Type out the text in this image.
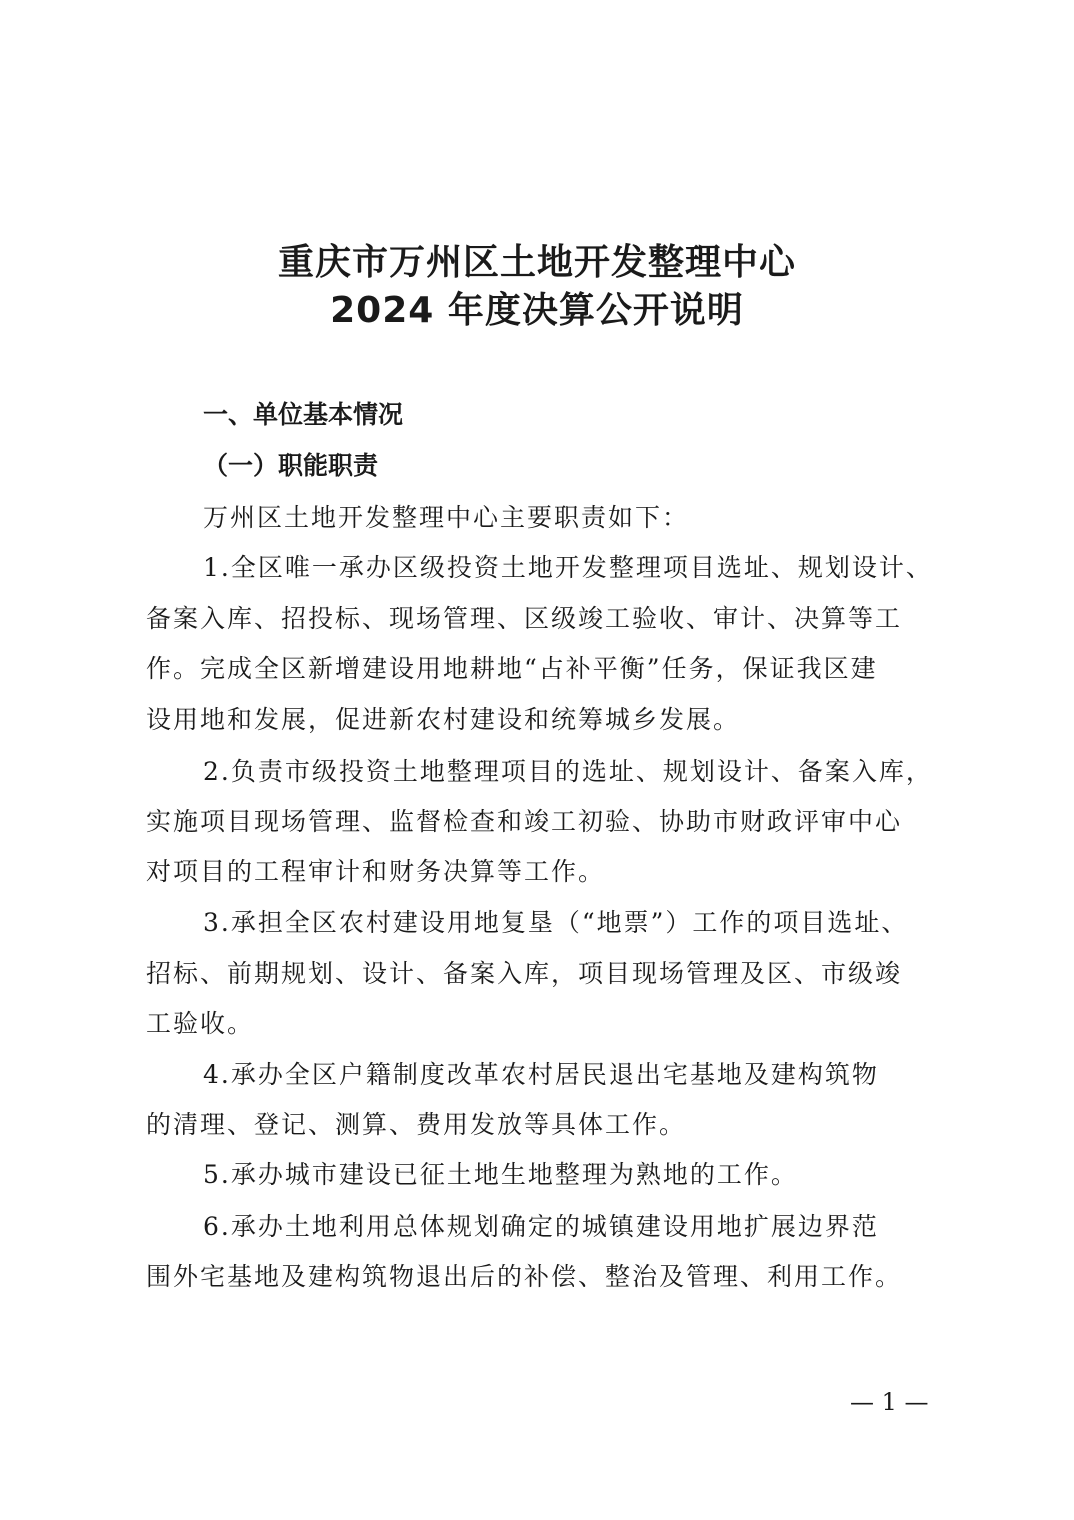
重庆市万州区土地开发整理中心
2024 年度决算公开说明
一、单位基本情况
（一）职能职责
万州区土地开发整理中心主要职责如下：
1.全区唯一承办区级投资土地开发整理项目选址、规划设计、
备案入库、招投标、现场管理、区级竣工验收、审计、决算等工
作。完成全区新增建设用地耕地“占补平衡”任务，保证我区建
设用地和发展，促进新农村建设和统筹城乡发展。
2.负责市级投资土地整理项目的选址、规划设计、备案入库，
实施项目现场管理、监督检查和竣工初验、协助市财政评审中心
对项目的工程审计和财务决算等工作。
3.承担全区农村建设用地复垦（“地票”）工作的项目选址、
招标、前期规划、设计、备案入库，项目现场管理及区、市级竣
工验收。
4.承办全区户籍制度改革农村居民退出宅基地及建构筑物
的清理、登记、测算、费用发放等具体工作。
5.承办城市建设已征土地生地整理为熟地的工作。
6.承办土地利用总体规划确定的城镇建设用地扩展边界范
围外宅基地及建构筑物退出后的补偿、整治及管理、利用工作。
— 1 —
